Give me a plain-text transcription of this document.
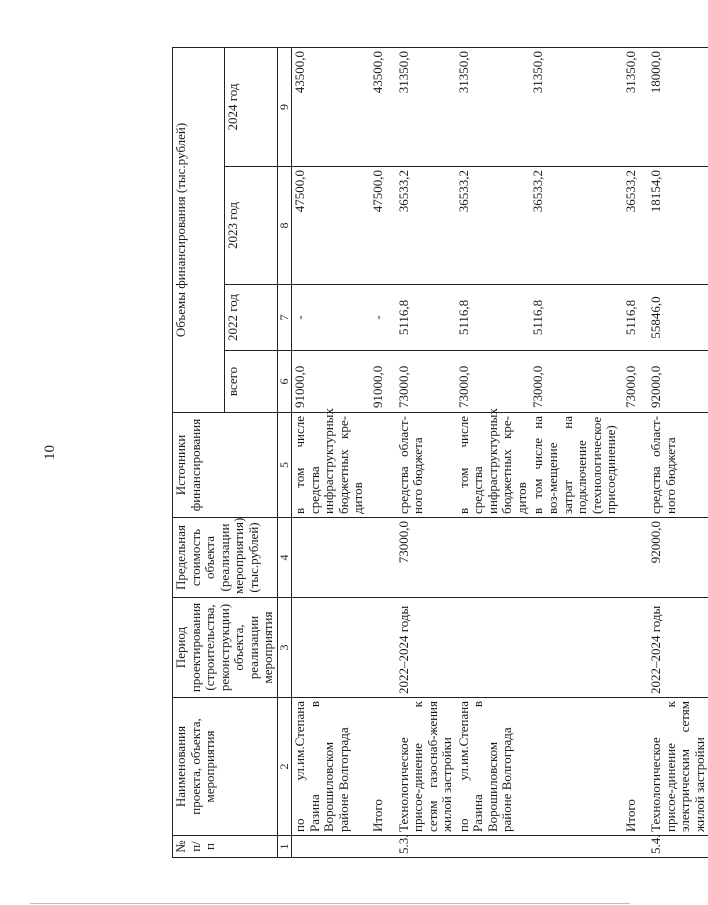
10
№ п/п	Наименования проекта, объекта, мероприятия	Период проектирования (строительства, реконструкции) объекта, реализации мероприятия	Предельная стоимость объекта (реализации мероприятия) (тыс.рублей)	Источники финансирования	Объемы финансирования (тыс.рублей)			
					всего	2022 год	2023 год	2024 год
1	2	3	4	5	6	7	8	9
	по ул.им.Степана Разина в Ворошиловском районе Волгограда			в том числе средства инфраструктурных бюджетных кре-дитов	91000,0	-	47500,0	43500,0
	Итого				91000,0	-	47500,0	43500,0
5.3.	Технологическое присое-динение к сетям газоснаб-жения жилой застройки	2022–2024 годы	73000,0	средства област-ного бюджета	73000,0	5116,8	36533,2	31350,0
	по ул.им.Степана Разина в Ворошиловском районе Волгограда			в том числе средства инфраструктурных бюджетных кре-дитов	73000,0	5116,8	36533,2	31350,0
				в том числе на воз-мещение затрат на подключение (технологическое присоединение)	73000,0	5116,8	36533,2	31350,0
	Итого				73000,0	5116,8	36533,2	31350,0
5.4.	Технологическое присое-динение к электрическим сетям жилой застройки	2022–2024 годы	92000,0	средства област-ного бюджета	92000,0	55846,0	18154,0	18000,0
